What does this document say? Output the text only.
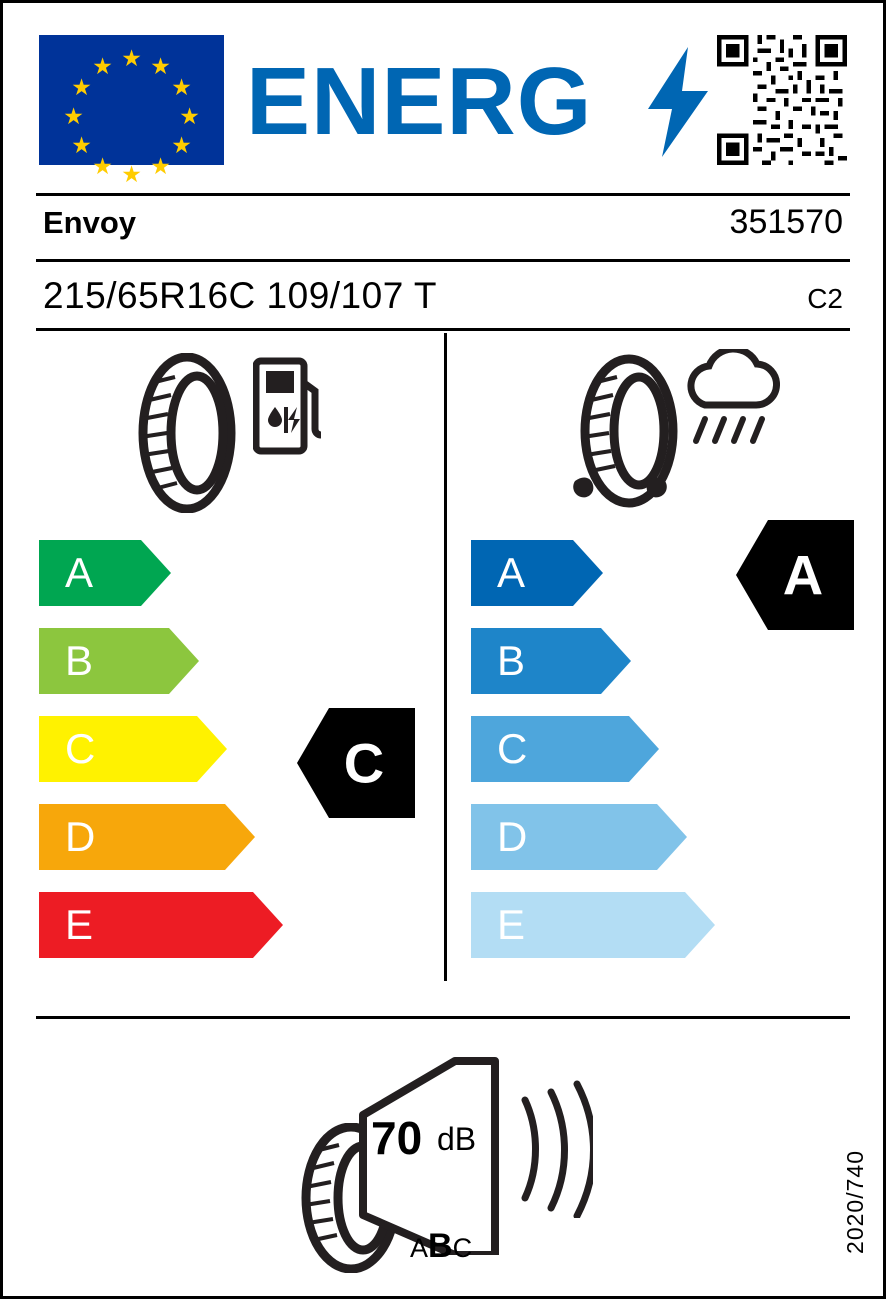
★ ★
★
★
★
★
★
★
★
★
★
★ ENERG
Envoy	351570
215/65R16C 109/107 T	C2
A
B
C
D
E
C
A
B
C
D
E
A
70 dB
ABC	2020/740
